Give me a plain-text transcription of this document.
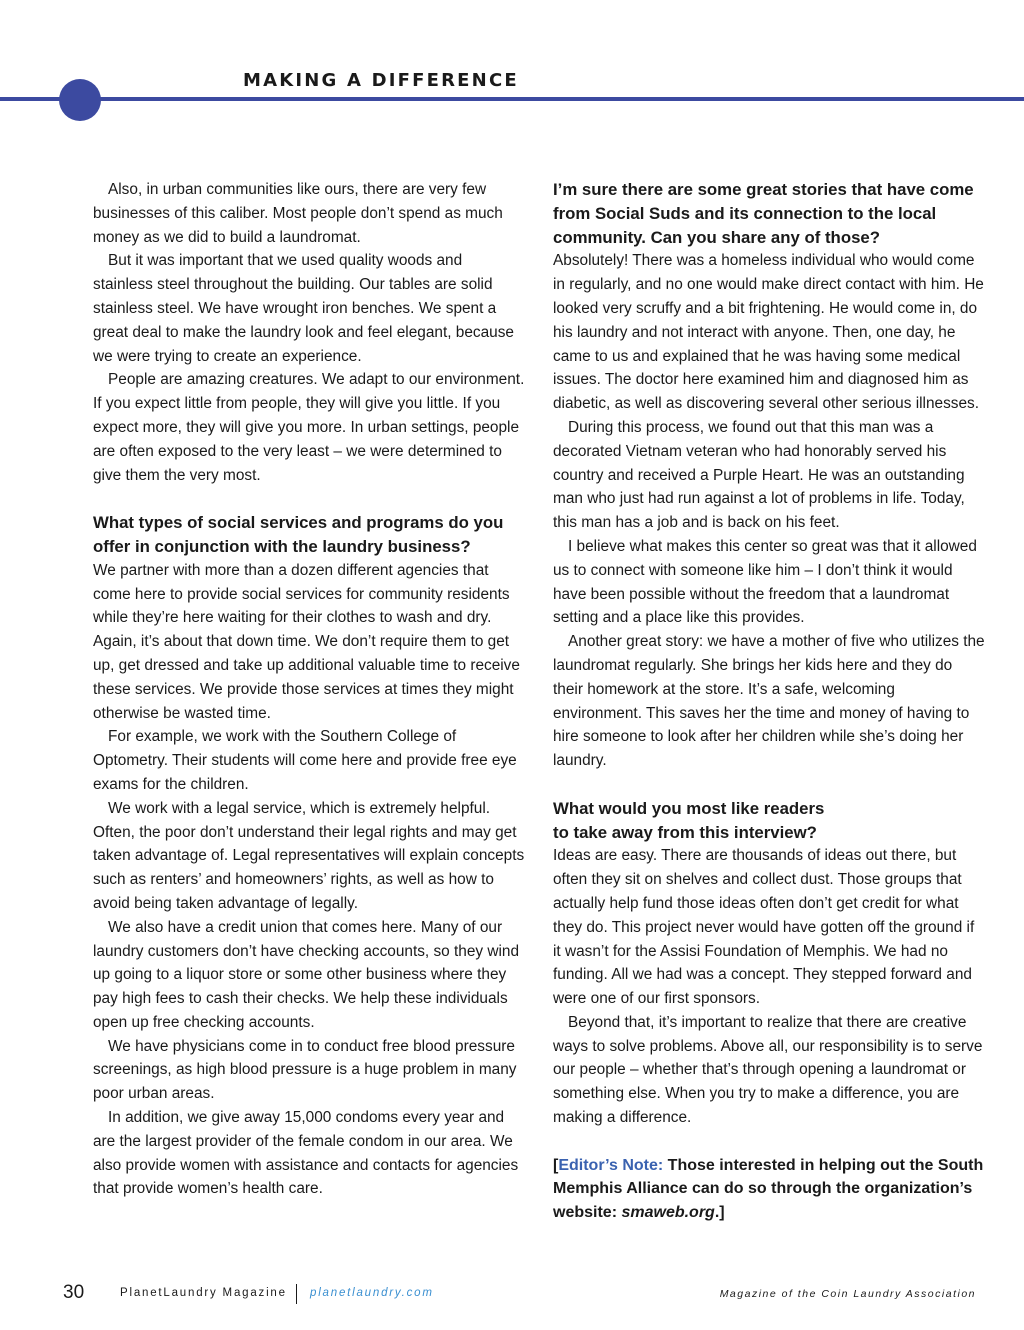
MAKING A DIFFERENCE

Also, in urban communities like ours, there are very few businesses of this caliber. Most people don’t spend as much money as we did to build a laundromat.

But it was important that we used quality woods and stainless steel throughout the building. Our tables are solid stainless steel. We have wrought iron benches. We spent a great deal to make the laundry look and feel elegant, because we were trying to create an experience.

People are amazing creatures. We adapt to our environment. If you expect little from people, they will give you little. If you expect more, they will give you more. In urban settings, people are often exposed to the very least – we were determined to give them the very most.

What types of social services and programs do you offer in conjunction with the laundry business?

We partner with more than a dozen different agencies that come here to provide social services for community residents while they’re here waiting for their clothes to wash and dry. Again, it’s about that down time. We don’t require them to get up, get dressed and take up additional valuable time to receive these services. We provide those services at times they might otherwise be wasted time.

For example, we work with the Southern College of Optometry. Their students will come here and provide free eye exams for the children.

We work with a legal service, which is extremely helpful. Often, the poor don’t understand their legal rights and may get taken advantage of. Legal representatives will explain concepts such as renters’ and homeowners’ rights, as well as how to avoid being taken advantage of legally.

We also have a credit union that comes here. Many of our laundry customers don’t have checking accounts, so they wind up going to a liquor store or some other business where they pay high fees to cash their checks. We help these individuals open up free checking accounts.

We have physicians come in to conduct free blood pressure screenings, as high blood pressure is a huge problem in many poor urban areas.

In addition, we give away 15,000 condoms every year and are the largest provider of the female condom in our area. We also provide women with assistance and contacts for agencies that provide women’s health care.

I’m sure there are some great stories that have come from Social Suds and its connection to the local community. Can you share any of those?

Absolutely! There was a homeless individual who would come in regularly, and no one would make direct contact with him. He looked very scruffy and a bit frightening. He would come in, do his laundry and not interact with anyone. Then, one day, he came to us and explained that he was having some medical issues. The doctor here examined him and diagnosed him as diabetic, as well as discovering several other serious illnesses.

During this process, we found out that this man was a decorated Vietnam veteran who had honorably served his country and received a Purple Heart. He was an outstanding man who just had run against a lot of problems in life. Today, this man has a job and is back on his feet.

I believe what makes this center so great was that it allowed us to connect with someone like him – I don’t think it would have been possible without the freedom that a laundromat setting and a place like this provides.

Another great story: we have a mother of five who utilizes the laundromat regularly. She brings her kids here and they do their homework at the store. It’s a safe, welcoming environment. This saves her the time and money of having to hire someone to look after her children while she’s doing her laundry.

What would you most like readers
to take away from this interview?

Ideas are easy. There are thousands of ideas out there, but often they sit on shelves and collect dust. Those groups that actually help fund those ideas often don’t get credit for what they do. This project never would have gotten off the ground if it wasn’t for the Assisi Foundation of Memphis. We had no funding. All we had was a concept. They stepped forward and were one of our first sponsors.

Beyond that, it’s important to realize that there are creative ways to solve problems. Above all, our responsibility is to serve our people – whether that’s through opening a laundromat or something else. When you try to make a difference, you are making a difference.

[Editor’s Note: Those interested in helping out the South Memphis Alliance can do so through the organization’s website: smaweb.org.]

30	PlanetLaundry Magazine planetlaundry.com	Magazine of the Coin Laundry Association
